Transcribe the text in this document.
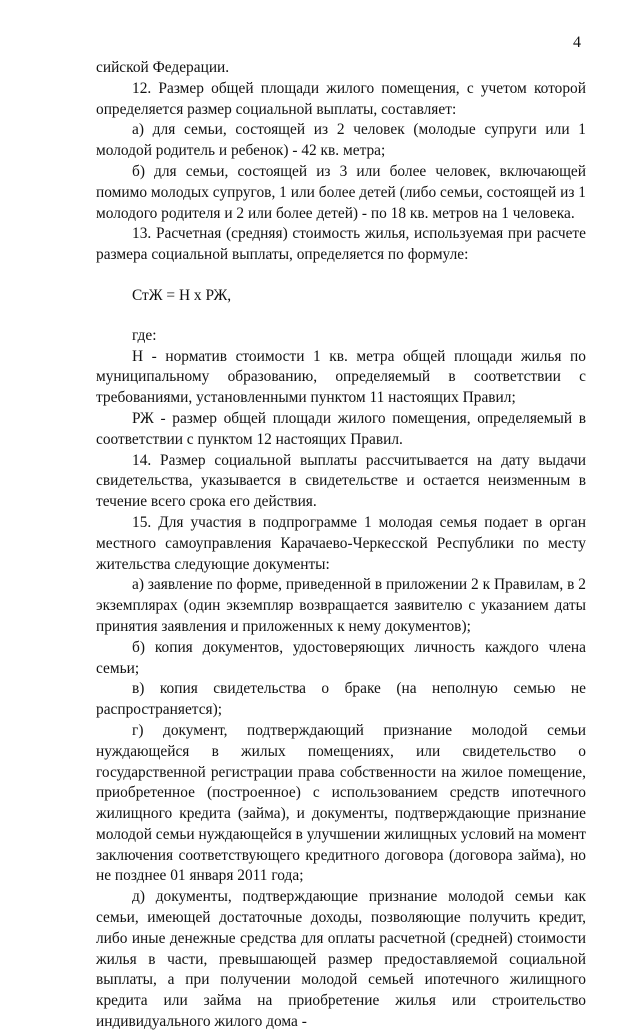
4

сийской Федерации.

12. Размер общей площади жилого помещения, с учетом которой определяется размер социальной выплаты, составляет:

а) для семьи, состоящей из 2 человек (молодые супруги или 1 молодой родитель и ребенок) - 42 кв. метра;

б) для семьи, состоящей из 3 или более человек, включающей помимо молодых супругов, 1 или более детей (либо семьи, состоящей из 1 молодого родителя и 2 или более детей) - по 18 кв. метров на 1 человека.

13. Расчетная (средняя) стоимость жилья, используемая при расчете размера социальной выплаты, определяется по формуле:

СтЖ = Н х РЖ,

где:

Н - норматив стоимости 1 кв. метра общей площади жилья по муниципальному образованию, определяемый в соответствии с требованиями, установленными пунктом 11 настоящих Правил;

РЖ - размер общей площади жилого помещения, определяемый в соответствии с пунктом 12 настоящих Правил.

14. Размер социальной выплаты рассчитывается на дату выдачи свидетельства, указывается в свидетельстве и остается неизменным в течение всего срока его действия.

15. Для участия в подпрограмме 1 молодая семья подает в орган местного самоуправления Карачаево-Черкесской Республики по месту жительства следующие документы:

а) заявление по форме, приведенной в приложении 2 к Правилам, в 2 экземплярах (один экземпляр возвращается заявителю с указанием даты принятия заявления и приложенных к нему документов);

б) копия документов, удостоверяющих личность каждого члена семьи;

в) копия свидетельства о браке (на неполную семью не распространяется);

г) документ, подтверждающий признание молодой семьи нуждающейся в жилых помещениях, или свидетельство о государственной регистрации права собственности на жилое помещение, приобретенное (построенное) с использованием средств ипотечного жилищного кредита (займа), и документы, подтверждающие признание молодой семьи нуждающейся в улучшении жилищных условий на момент заключения соответствующего кредитного договора (договора займа), но не позднее 01 января 2011 года;

д) документы, подтверждающие признание молодой семьи как семьи, имеющей достаточные доходы, позволяющие получить кредит, либо иные денежные средства для оплаты расчетной (средней) стоимости жилья в части, превышающей размер предоставляемой социальной выплаты, а при получении молодой семьей ипотечного жилищного кредита или займа на приобретение жилья или строительство индивидуального жилого дома -
